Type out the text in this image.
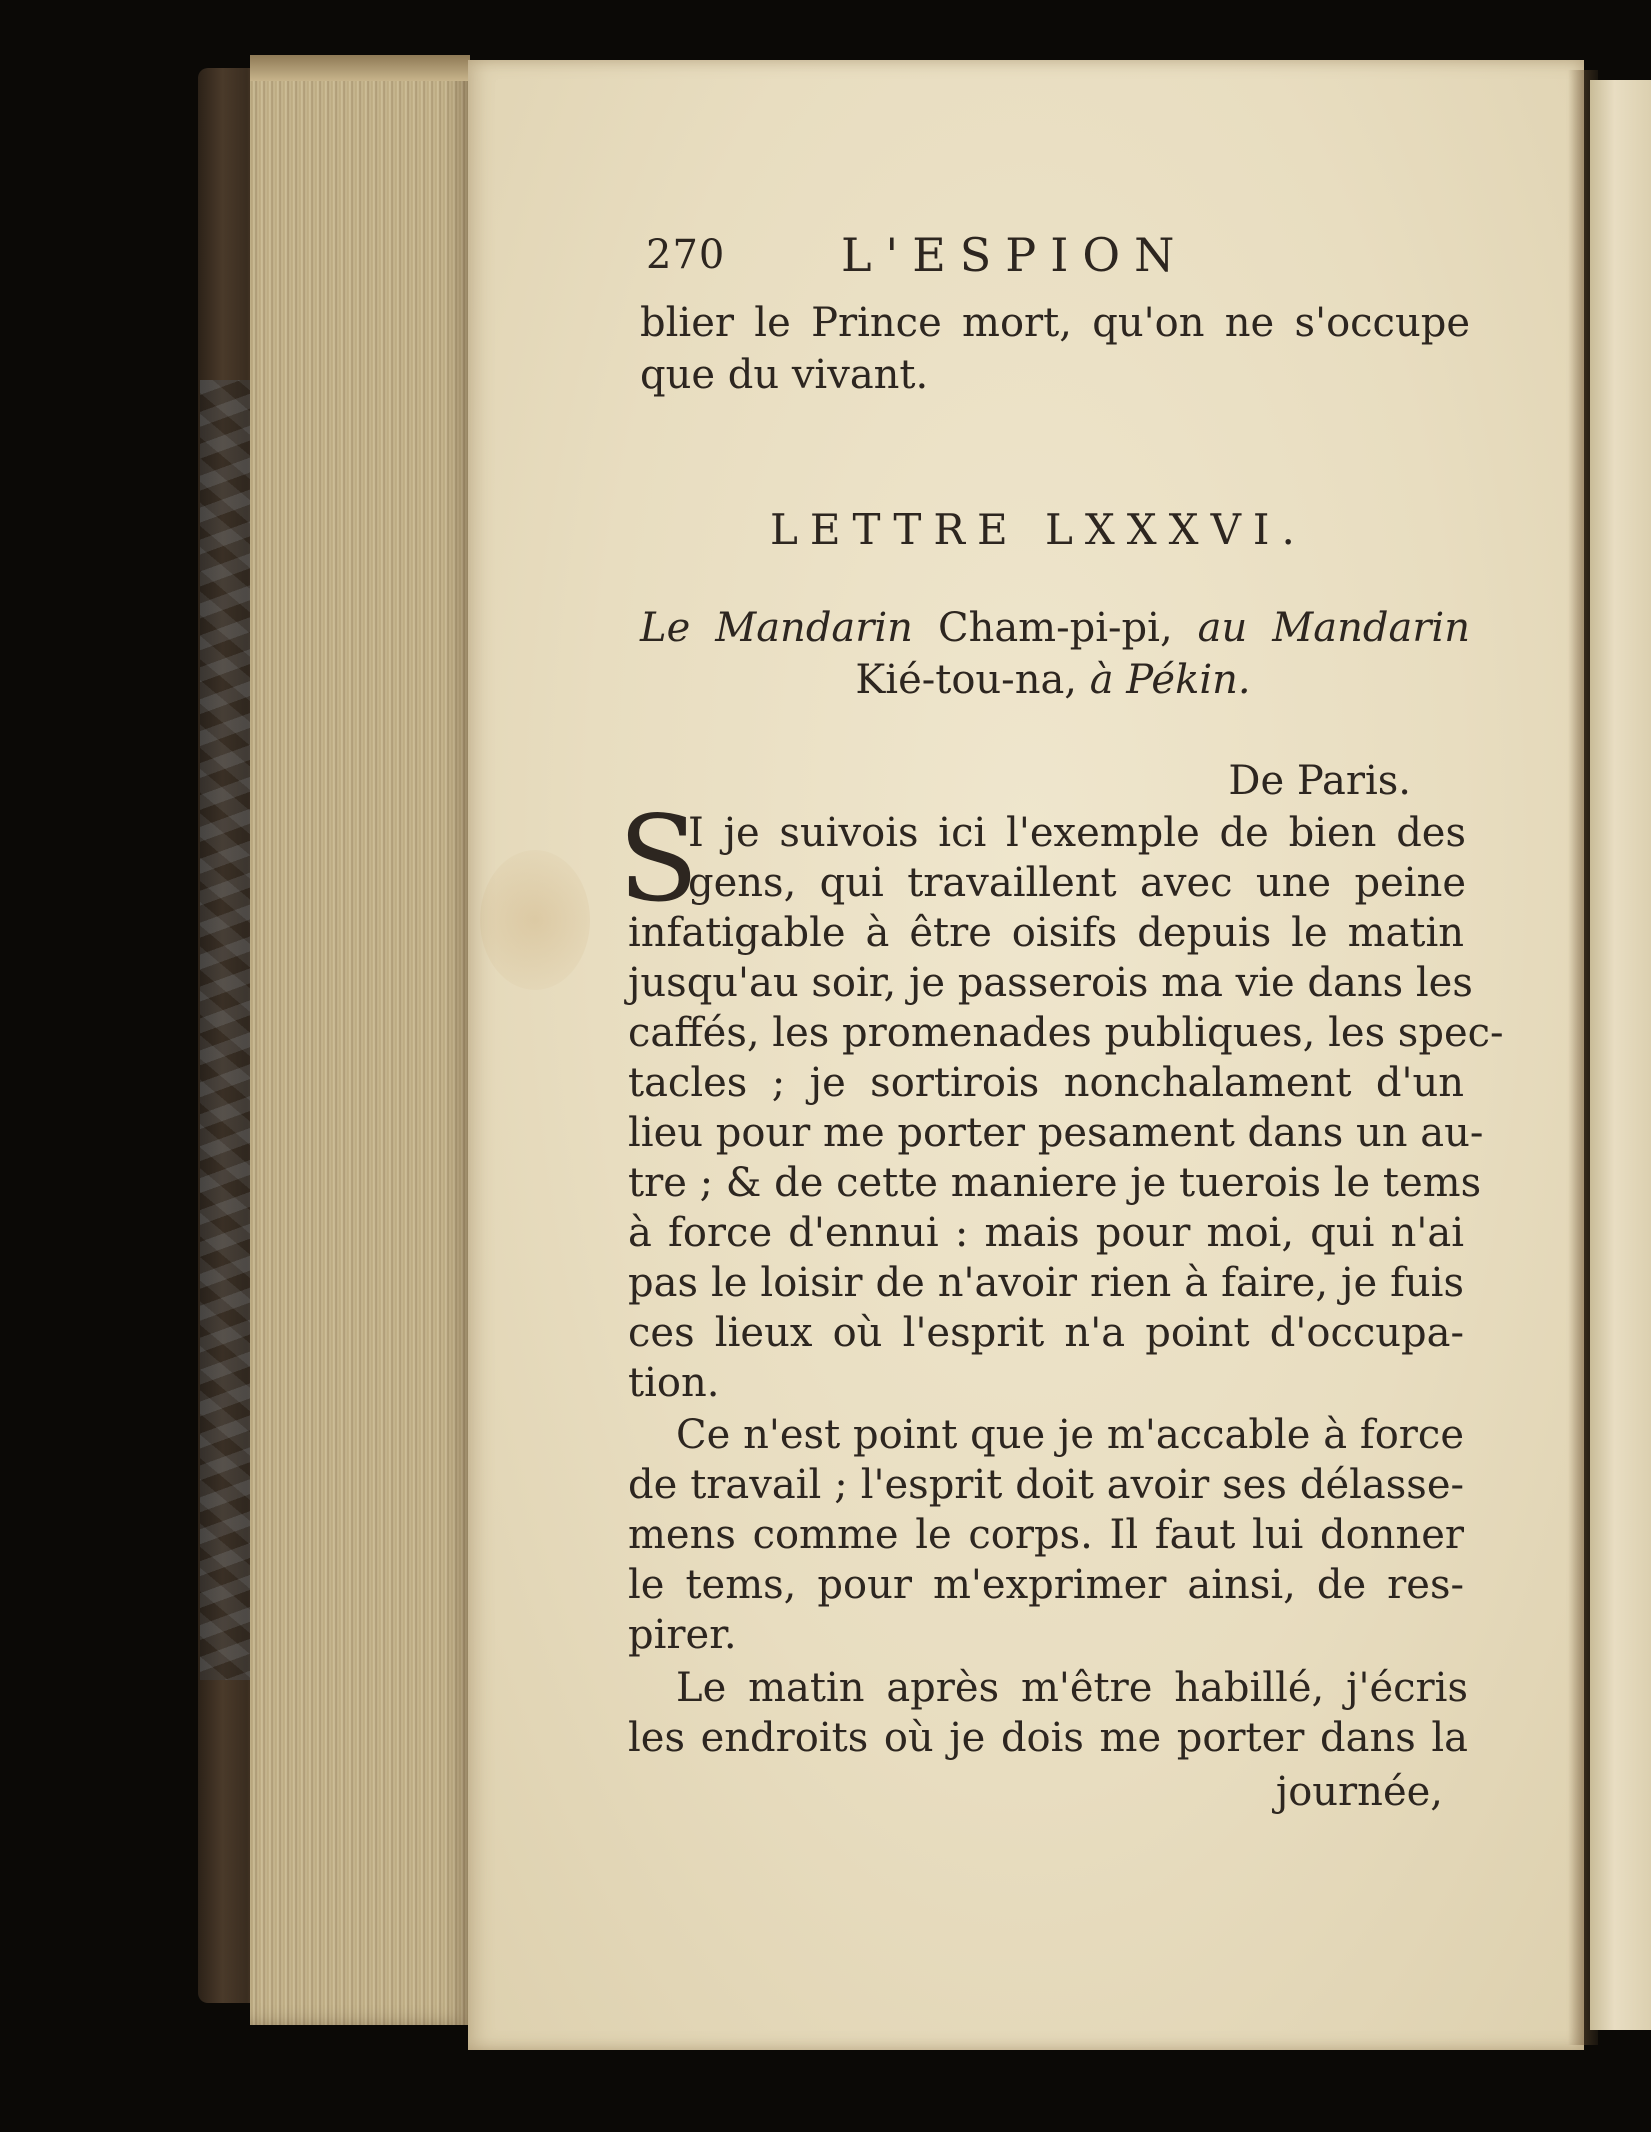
270	L'ESPION
blier le Prince mort, qu'on ne s'occupe
que du vivant.
LETTRE LXXXVI.
Le Mandarin Cham-pi-pi, au Mandarin
Kié-tou-na, à Pékin.
De Paris.
S
I je suivois ici l'exemple de bien des
gens, qui travaillent avec une peine
infatigable à être oisifs depuis le matin
jusqu'au soir, je passerois ma vie dans les
caffés, les promenades publiques, les spec-
tacles ; je sortirois nonchalament d'un
lieu pour me porter pesament dans un au-
tre ; & de cette maniere je tuerois le tems
à force d'ennui : mais pour moi, qui n'ai
pas le loisir de n'avoir rien à faire, je fuis
ces lieux où l'esprit n'a point d'occupa-
tion.
Ce n'est point que je m'accable à force
de travail ; l'esprit doit avoir ses délasse-
mens comme le corps. Il faut lui donner
le tems, pour m'exprimer ainsi, de res-
pirer.
Le matin après m'être habillé, j'écris
les endroits où je dois me porter dans la
journée,
